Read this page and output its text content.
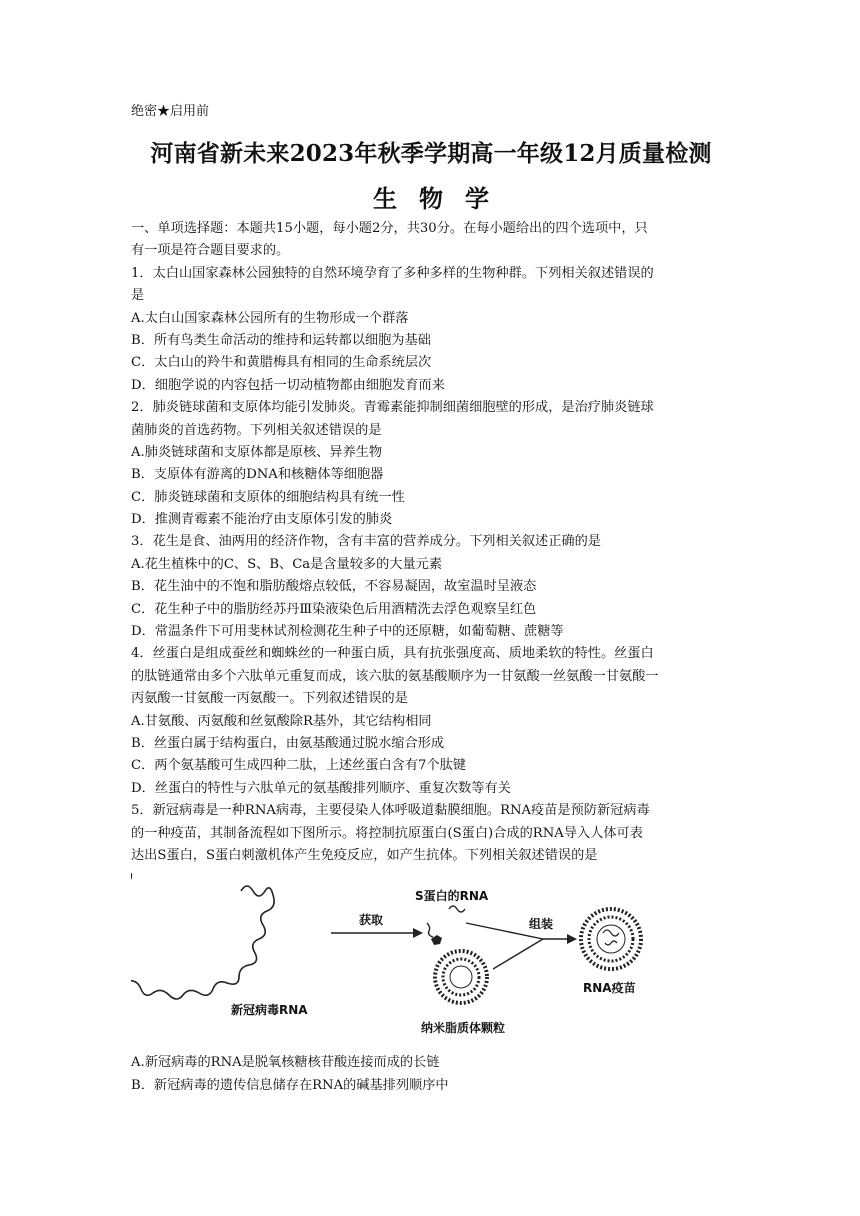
绝密★启用前
河南省新未来2023年秋季学期高一年级12月质量检测
生物学
一、单项选择题：本题共15小题，每小题2分，共30分。在每小题给出的四个选项中，只
有一项是符合题目要求的。
1．太白山国家森林公园独特的自然环境孕育了多种多样的生物种群。下列相关叙述错误的
是
A.太白山国家森林公园所有的生物形成一个群落
B．所有鸟类生命活动的维持和运转都以细胞为基础
C．太白山的羚牛和黄腊梅具有相同的生命系统层次
D．细胞学说的内容包括一切动植物都由细胞发育而来
2．肺炎链球菌和支原体均能引发肺炎。青霉素能抑制细菌细胞壁的形成，是治疗肺炎链球
菌肺炎的首选药物。下列相关叙述错误的是
A.肺炎链球菌和支原体都是原核、异养生物
B．支原体有游离的DNA和核糖体等细胞器
C．肺炎链球菌和支原体的细胞结构具有统一性
D．推测青霉素不能治疗由支原体引发的肺炎
3．花生是食、油两用的经济作物，含有丰富的营养成分。下列相关叙述正确的是
A.花生植株中的C、S、B、Ca是含量较多的大量元素
B．花生油中的不饱和脂肪酸熔点较低，不容易凝固，故室温时呈液态
C．花生种子中的脂肪经苏丹Ⅲ染液染色后用酒精洗去浮色观察呈红色
D．常温条件下可用斐林试剂检测花生种子中的还原糖，如葡萄糖、蔗糖等
4．丝蛋白是组成蚕丝和蜘蛛丝的一种蛋白质，具有抗张强度高、质地柔软的特性。丝蛋白
的肽链通常由多个六肽单元重复而成，该六肽的氨基酸顺序为一甘氨酸一丝氨酸一甘氨酸一
丙氨酸一甘氨酸一丙氨酸一。下列叙述错误的是
A.甘氨酸、丙氨酸和丝氨酸除R基外，其它结构相同
B．丝蛋白属于结构蛋白，由氨基酸通过脱水缩合形成
C．两个氨基酸可生成四种二肽，上述丝蛋白含有7个肽键
D．丝蛋白的特性与六肽单元的氨基酸排列顺序、重复次数等有关
5．新冠病毒是一种RNA病毒，主要侵染人体呼吸道黏膜细胞。RNA疫苗是预防新冠病毒
的一种疫苗，其制备流程如下图所示。将控制抗原蛋白(S蛋白)合成的RNA导入人体可表
达出S蛋白，S蛋白刺激机体产生免疫反应，如产生抗体。下列相关叙述错误的是
新冠病毒RNA
获取
S蛋白的RNA
纳米脂质体颗粒
组装
RNA疫苗
A.新冠病毒的RNA是脱氧核糖核苷酸连接而成的长链
B．新冠病毒的遗传信息储存在RNA的碱基排列顺序中
